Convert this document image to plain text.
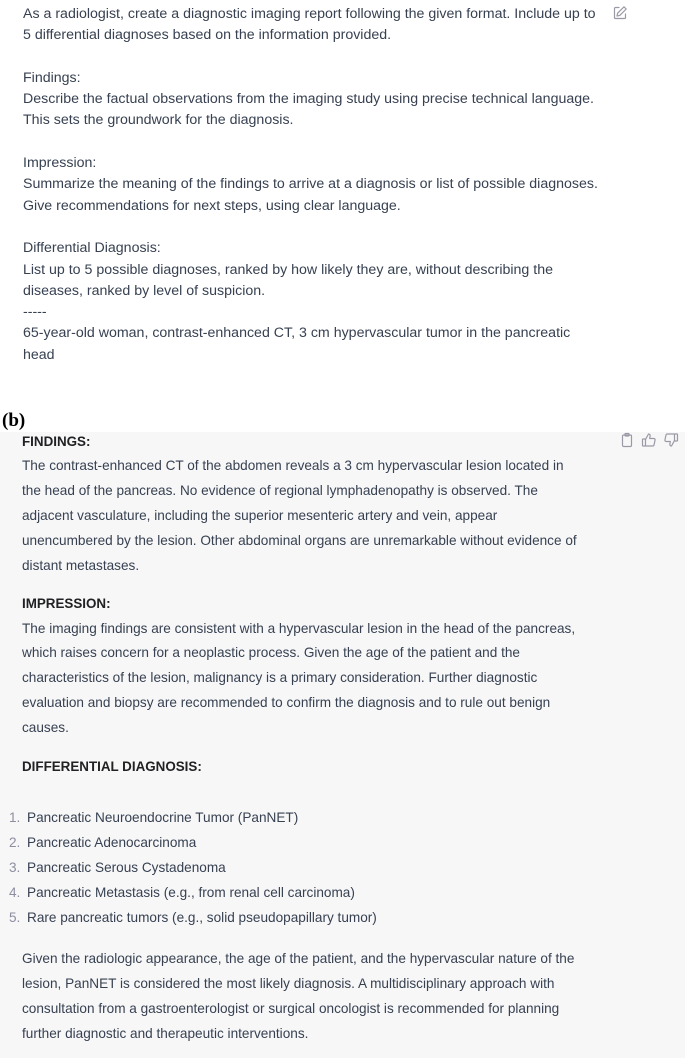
As a radiologist, create a diagnostic imaging report following the given format. Include up to
5 differential diagnoses based on the information provided.
Findings:
Describe the factual observations from the imaging study using precise technical language.
This sets the groundwork for the diagnosis.
Impression:
Summarize the meaning of the findings to arrive at a diagnosis or list of possible diagnoses.
Give recommendations for next steps, using clear language.
Differential Diagnosis:
List up to 5 possible diagnoses, ranked by how likely they are, without describing the
diseases, ranked by level of suspicion.
-----
65-year-old woman, contrast-enhanced CT, 3 cm hypervascular tumor in the pancreatic
head
(b)
FINDINGS:
The contrast-enhanced CT of the abdomen reveals a 3 cm hypervascular lesion located in
the head of the pancreas. No evidence of regional lymphadenopathy is observed. The
adjacent vasculature, including the superior mesenteric artery and vein, appear
unencumbered by the lesion. Other abdominal organs are unremarkable without evidence of
distant metastases.
IMPRESSION:
The imaging findings are consistent with a hypervascular lesion in the head of the pancreas,
which raises concern for a neoplastic process. Given the age of the patient and the
characteristics of the lesion, malignancy is a primary consideration. Further diagnostic
evaluation and biopsy are recommended to confirm the diagnosis and to rule out benign
causes.
DIFFERENTIAL DIAGNOSIS:
1. Pancreatic Neuroendocrine Tumor (PanNET)
2. Pancreatic Adenocarcinoma
3. Pancreatic Serous Cystadenoma
4. Pancreatic Metastasis (e.g., from renal cell carcinoma)
5. Rare pancreatic tumors (e.g., solid pseudopapillary tumor)
Given the radiologic appearance, the age of the patient, and the hypervascular nature of the
lesion, PanNET is considered the most likely diagnosis. A multidisciplinary approach with
consultation from a gastroenterologist or surgical oncologist is recommended for planning
further diagnostic and therapeutic interventions.
